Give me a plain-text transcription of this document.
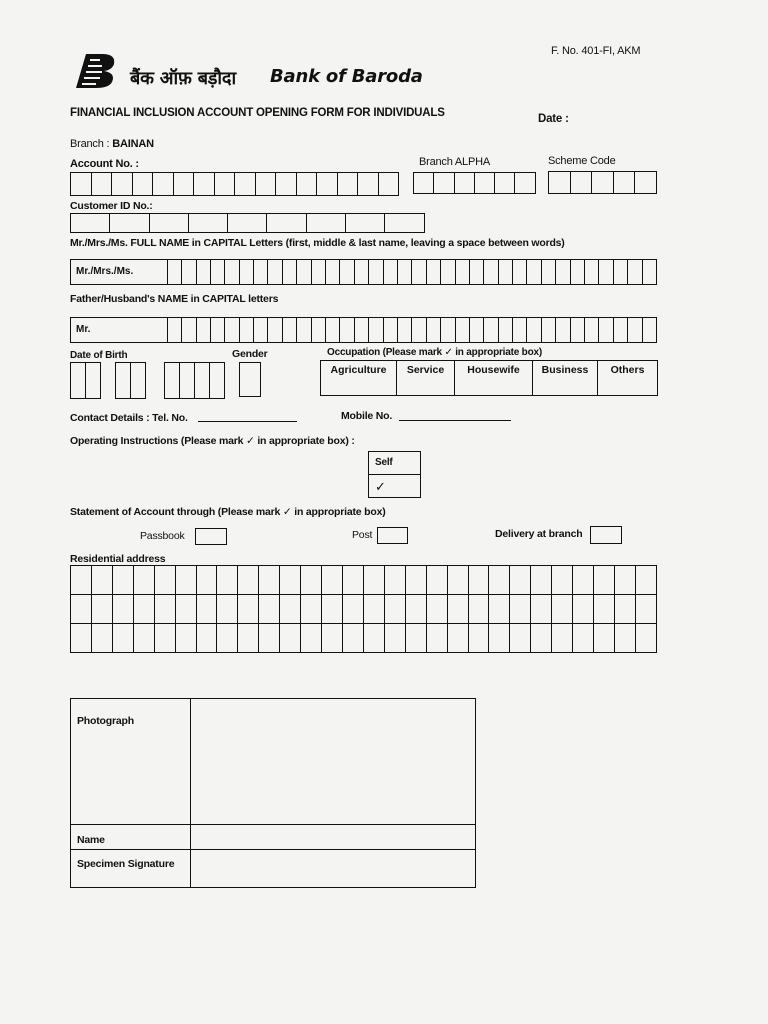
F. No. 401-FI, AKM
बैंक ऑफ़ बड़ौदा Bank of Baroda
FINANCIAL INCLUSION ACCOUNT OPENING FORM FOR INDIVIDUALS	Date :
Branch : BAINAN
Account No. :	Branch ALPHA	Scheme Code
Customer ID No.:
Mr./Mrs./Ms. FULL NAME in CAPITAL Letters (first, middle & last name, leaving a space between words)
Mr./Mrs./Ms.
Father/Husband's NAME in CAPITAL letters
Mr.
Date of Birth	Gender	Occupation (Please mark ✓ in appropriate box)
Agriculture	Service	Housewife	Business	Others
Contact Details : Tel. No.	Mobile No.
Operating Instructions (Please mark ✓ in appropriate box) :
Self
✓
Statement of Account through (Please mark ✓ in appropriate box)
Passbook	Post	Delivery at branch
Residential address

Photograph
Name
Specimen Signature
